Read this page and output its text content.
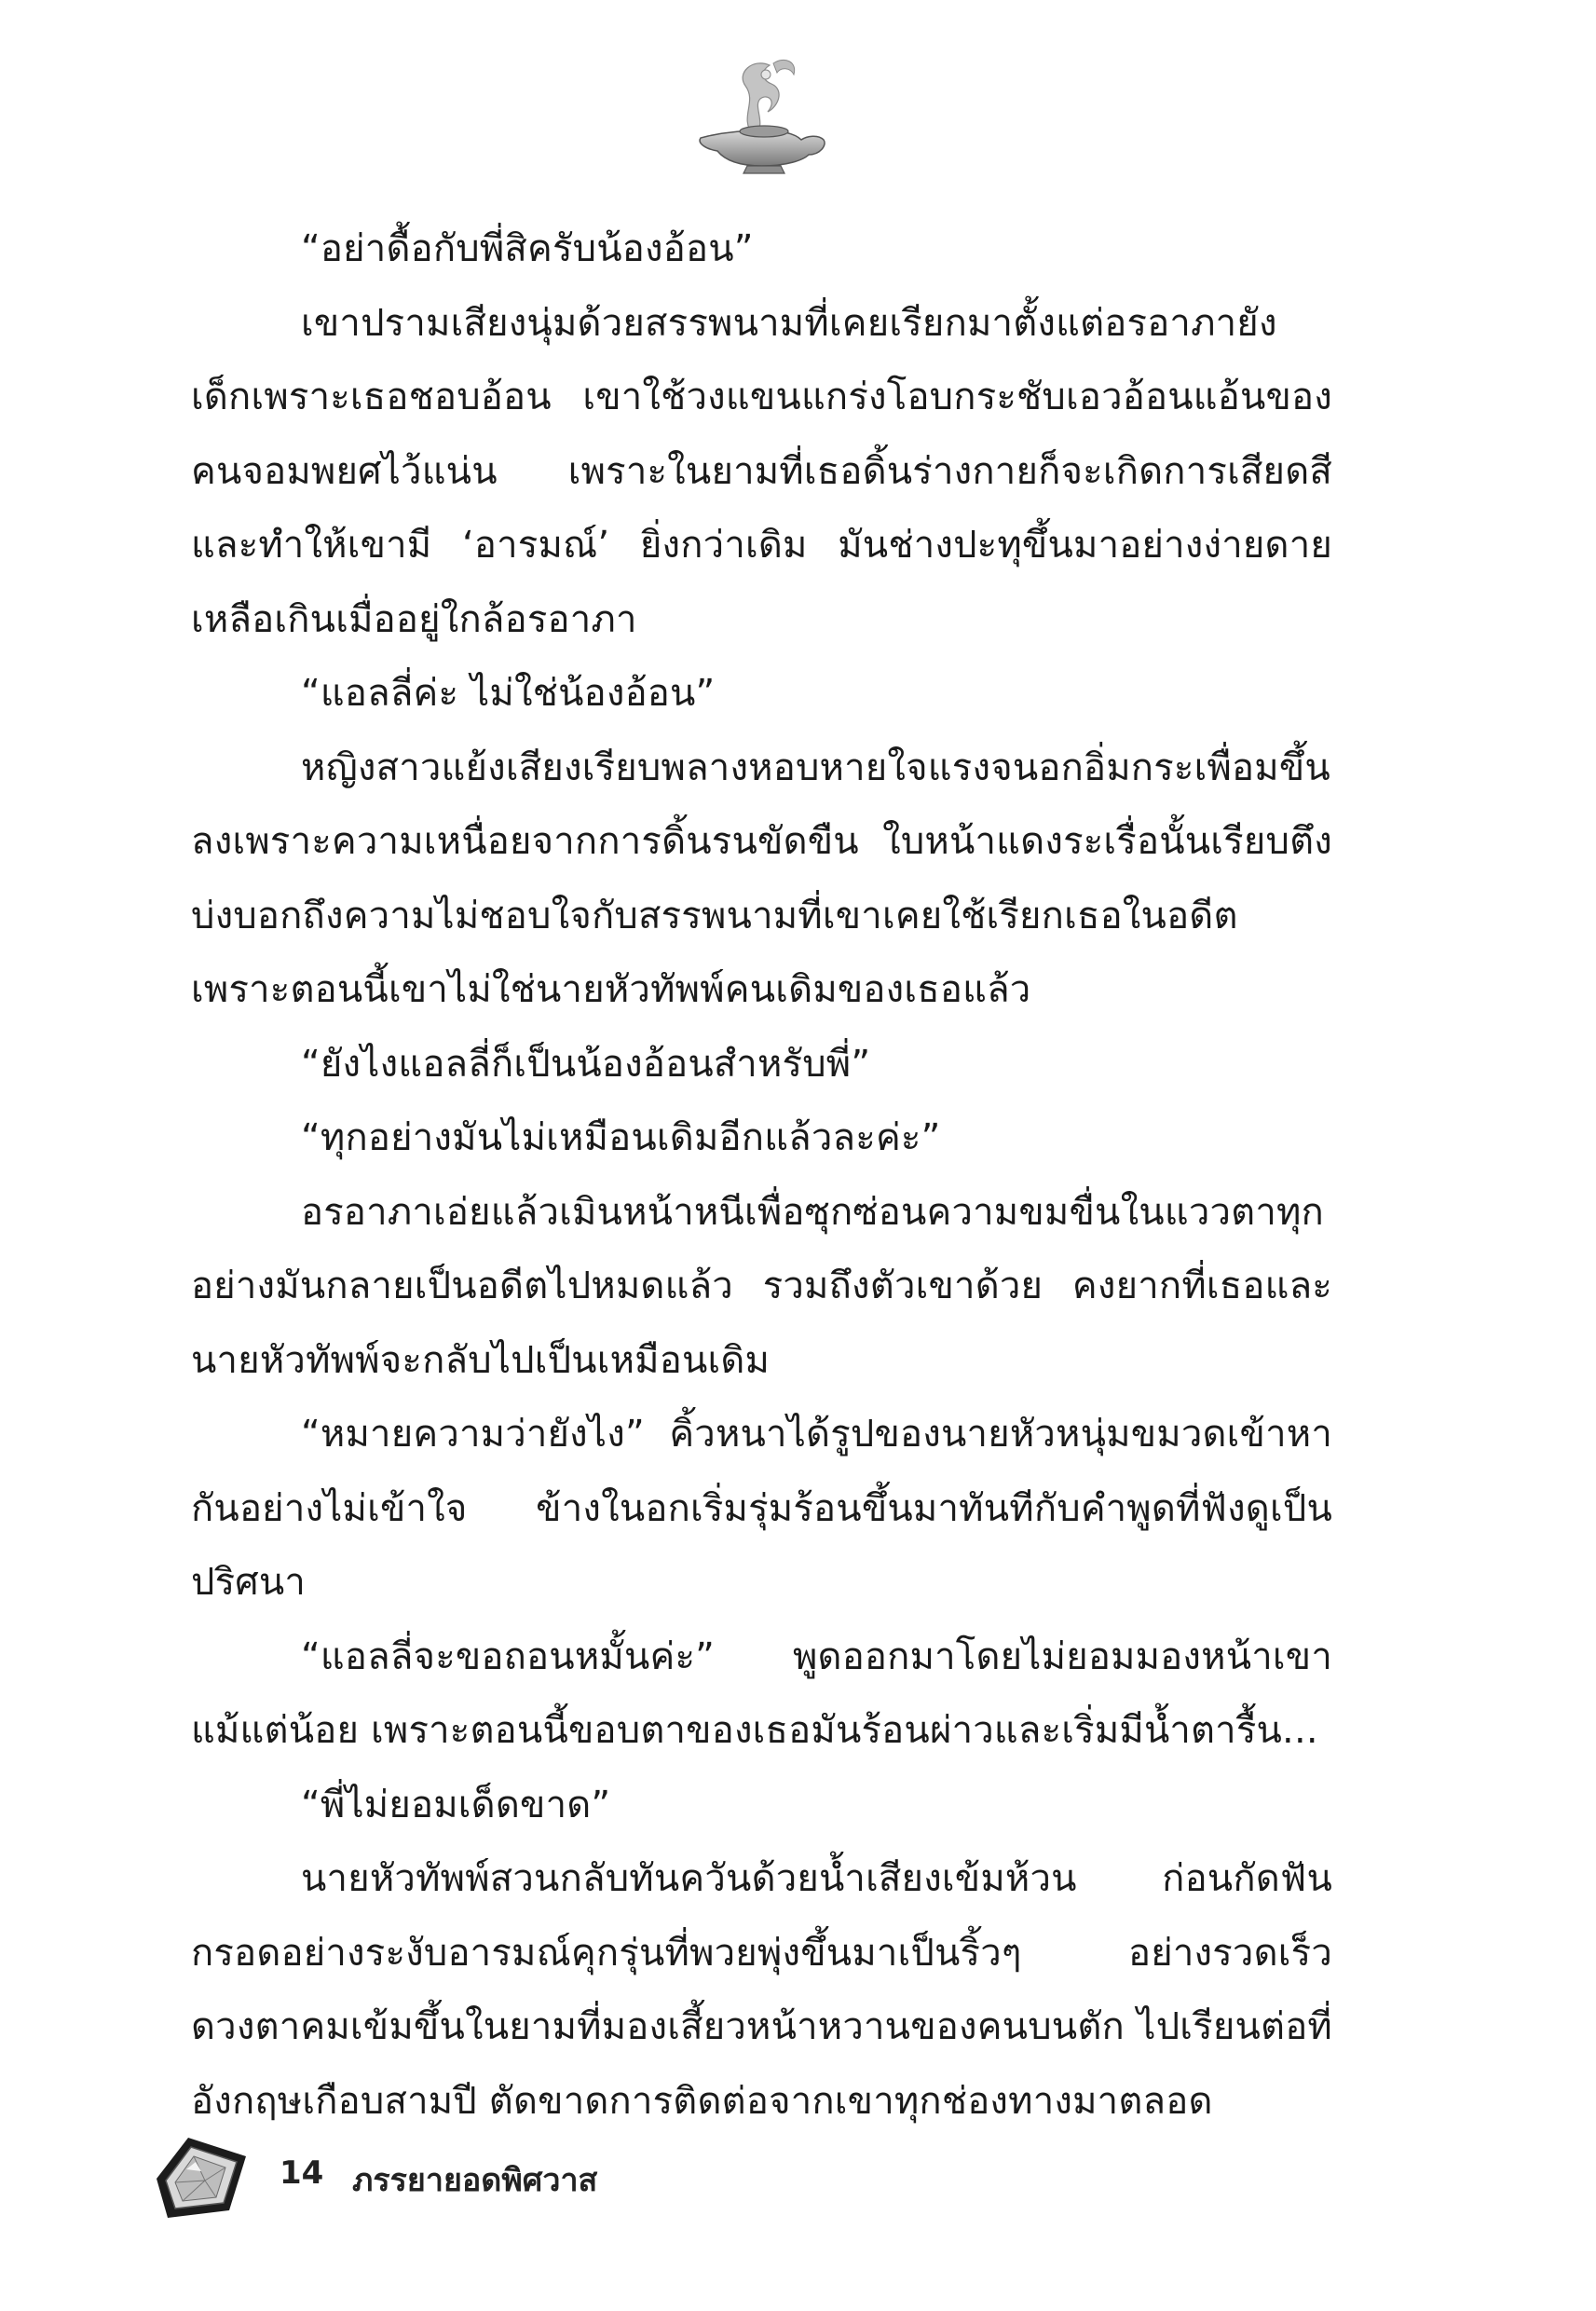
“อย่าดื้อกับพี่สิครับน้องอ้อน”

เขาปรามเสียงนุ่มด้วยสรรพนามที่เคยเรียกมาตั้งแต่อรอาภายังเด็กเพราะเธอชอบอ้อน เขาใช้วงแขนแกร่งโอบกระชับเอวอ้อนแอ้นของคนจอมพยศไว้แน่น เพราะในยามที่เธอดิ้นร่างกายก็จะเกิดการเสียดสีและทำให้เขามี ‘อารมณ์’ ยิ่งกว่าเดิม มันช่างปะทุขึ้นมาอย่างง่ายดายเหลือเกินเมื่ออยู่ใกล้อรอาภา

“แอลลี่ค่ะ ไม่ใช่น้องอ้อน”

หญิงสาวแย้งเสียงเรียบพลางหอบหายใจแรงจนอกอิ่มกระเพื่อมขึ้นลงเพราะความเหนื่อยจากการดิ้นรนขัดขืน ใบหน้าแดงระเรื่อนั้นเรียบตึงบ่งบอกถึงความไม่ชอบใจกับสรรพนามที่เขาเคยใช้เรียกเธอในอดีต เพราะตอนนี้เขาไม่ใช่นายหัวทัพพ์คนเดิมของเธอแล้ว

“ยังไงแอลลี่ก็เป็นน้องอ้อนสำหรับพี่”

“ทุกอย่างมันไม่เหมือนเดิมอีกแล้วละค่ะ”

อรอาภาเอ่ยแล้วเมินหน้าหนีเพื่อซุกซ่อนความขมขื่นในแววตาทุกอย่างมันกลายเป็นอดีตไปหมดแล้ว รวมถึงตัวเขาด้วย คงยากที่เธอและนายหัวทัพพ์จะกลับไปเป็นเหมือนเดิม

“หมายความว่ายังไง” คิ้วหนาได้รูปของนายหัวหนุ่มขมวดเข้าหากันอย่างไม่เข้าใจ ข้างในอกเริ่มรุ่มร้อนขึ้นมาทันทีกับคำพูดที่ฟังดูเป็นปริศนา

“แอลลี่จะขอถอนหมั้นค่ะ” พูดออกมาโดยไม่ยอมมองหน้าเขาแม้แต่น้อย เพราะตอนนี้ขอบตาของเธอมันร้อนผ่าวและเริ่มมีน้ำตารื้น...

“พี่ไม่ยอมเด็ดขาด”

นายหัวทัพพ์สวนกลับทันควันด้วยน้ำเสียงเข้มห้วน ก่อนกัดฟันกรอดอย่างระงับอารมณ์คุกรุ่นที่พวยพุ่งขึ้นมาเป็นริ้วๆ อย่างรวดเร็วดวงตาคมเข้มขึ้นในยามที่มองเสี้ยวหน้าหวานของคนบนตัก ไปเรียนต่อที่อังกฤษเกือบสามปี ตัดขาดการติดต่อจากเขาทุกช่องทางมาตลอด

14 ภรรยายอดพิศวาส
